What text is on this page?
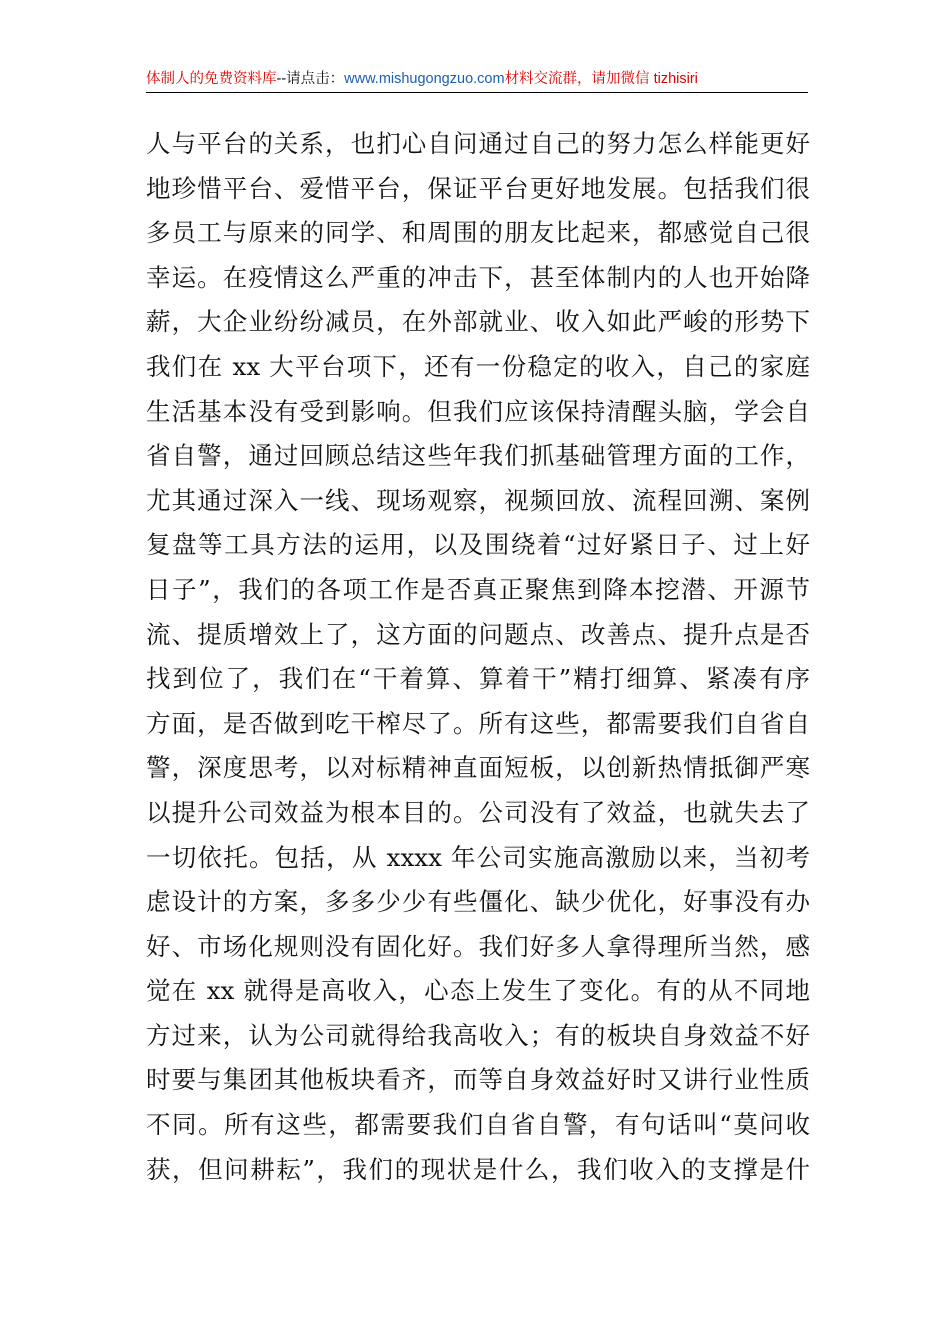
体制人的免费资料库--请点击：www.mishugongzuo.com材料交流群，请加微信 tizhisiri
人与平台的关系，也扪心自问通过自己的努力怎么样能更好
地珍惜平台、爱惜平台，保证平台更好地发展。包括我们很
多员工与原来的同学、和周围的朋友比起来，都感觉自己很
幸运。在疫情这么严重的冲击下，甚至体制内的人也开始降
薪，大企业纷纷减员，在外部就业、收入如此严峻的形势下
我们在 xx 大平台项下，还有一份稳定的收入，自己的家庭
生活基本没有受到影响。但我们应该保持清醒头脑，学会自
省自警，通过回顾总结这些年我们抓基础管理方面的工作，
尤其通过深入一线、现场观察，视频回放、流程回溯、案例
复盘等工具方法的运用，以及围绕着“过好紧日子、过上好
日子”，我们的各项工作是否真正聚焦到降本挖潜、开源节
流、提质增效上了，这方面的问题点、改善点、提升点是否
找到位了，我们在“干着算、算着干”精打细算、紧凑有序
方面，是否做到吃干榨尽了。所有这些，都需要我们自省自
警，深度思考，以对标精神直面短板，以创新热情抵御严寒
以提升公司效益为根本目的。公司没有了效益，也就失去了
一切依托。包括，从 xxxx 年公司实施高激励以来，当初考
虑设计的方案，多多少少有些僵化、缺少优化，好事没有办
好、市场化规则没有固化好。我们好多人拿得理所当然，感
觉在 xx 就得是高收入，心态上发生了变化。有的从不同地
方过来，认为公司就得给我高收入；有的板块自身效益不好
时要与集团其他板块看齐，而等自身效益好时又讲行业性质
不同。所有这些，都需要我们自省自警，有句话叫“莫问收
获，但问耕耘”，我们的现状是什么，我们收入的支撑是什
